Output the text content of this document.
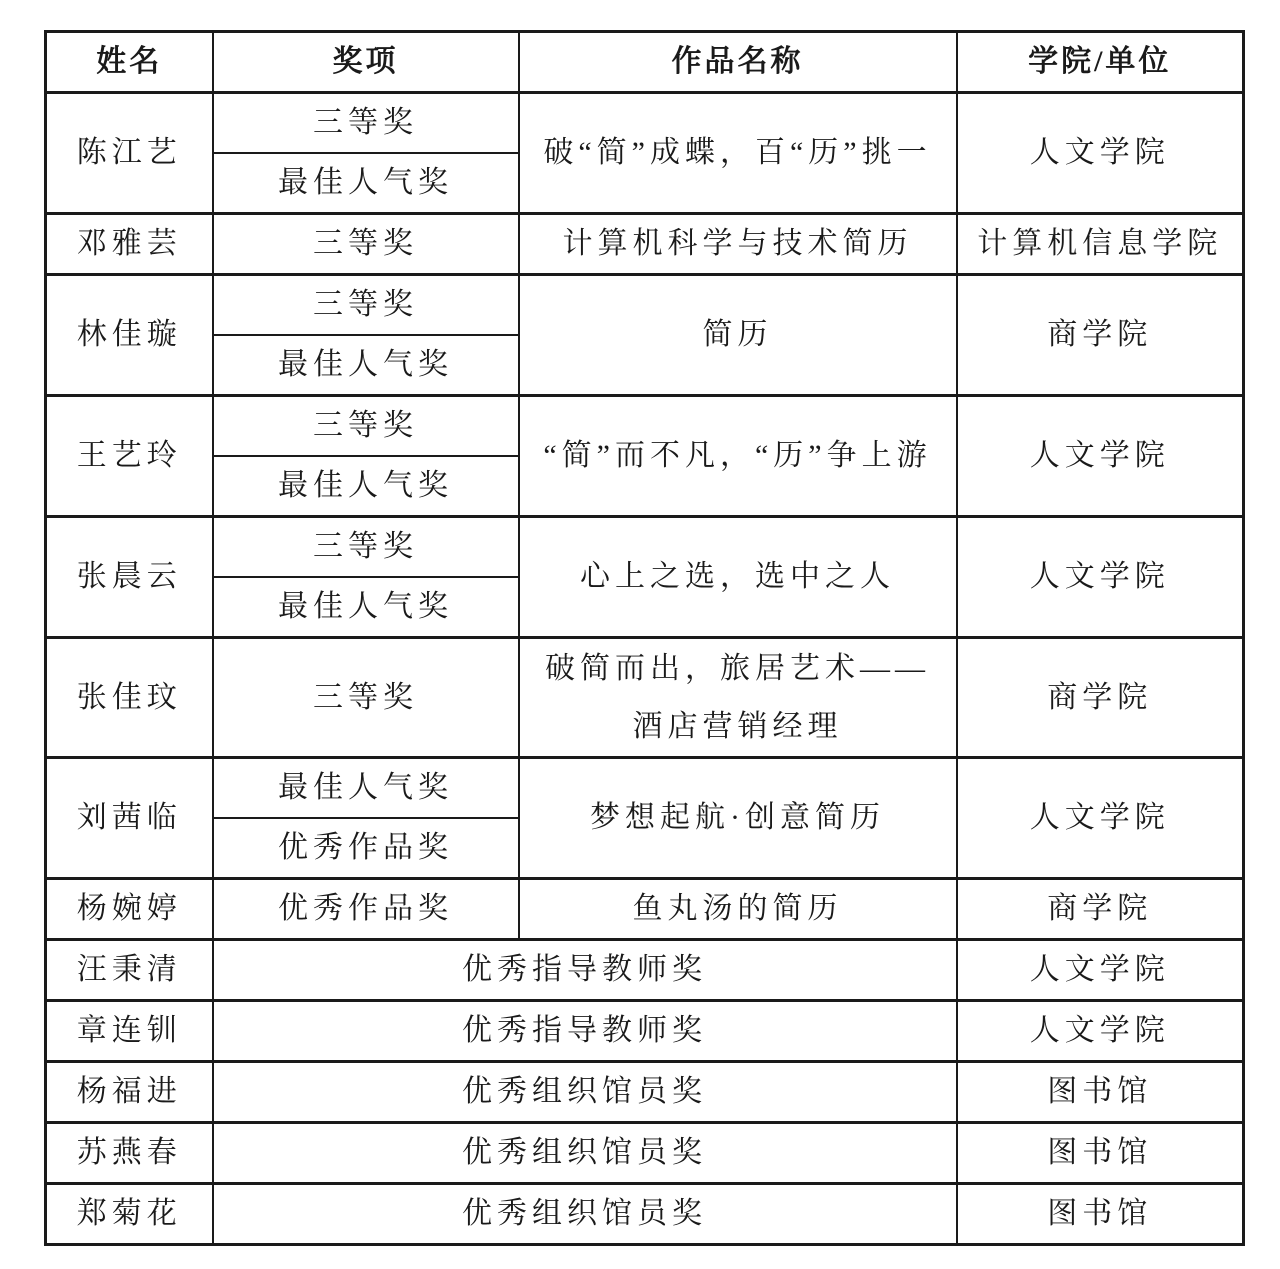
姓名	奖项	作品名称	学院/单位
陈江艺	三等奖	破“简”成蝶，百“历”挑一	人文学院
	最佳人气奖		
邓雅芸	三等奖	计算机科学与技术简历	计算机信息学院
林佳璇	三等奖	简历	商学院
	最佳人气奖		
王艺玲	三等奖	“简”而不凡，“历”争上游	人文学院
	最佳人气奖		
张晨云	三等奖	心上之选，选中之人	人文学院
	最佳人气奖		
张佳玟	三等奖	破简而出，旅居艺术——酒店营销经理	商学院
刘茜临	最佳人气奖	梦想起航·创意简历	人文学院
	优秀作品奖		
杨婉婷	优秀作品奖	鱼丸汤的简历	商学院
汪秉清	优秀指导教师奖		人文学院
章连钏	优秀指导教师奖		人文学院
杨福进	优秀组织馆员奖		图书馆
苏燕春	优秀组织馆员奖		图书馆
郑菊花	优秀组织馆员奖		图书馆
